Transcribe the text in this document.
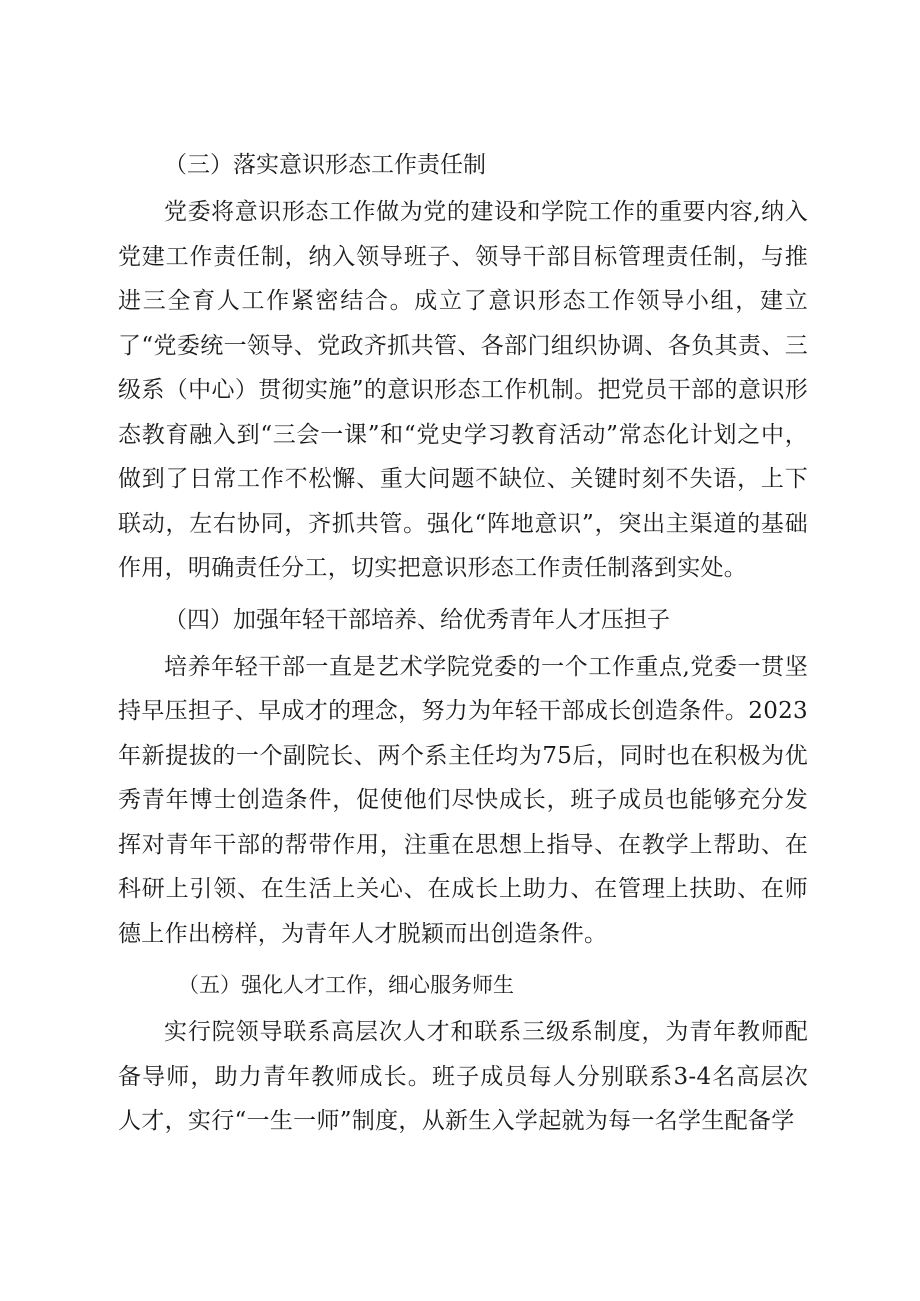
（三）落实意识形态工作责任制

党委将意识形态工作做为党的建设和学院工作的重要内容,纳入党建工作责任制，纳入领导班子、领导干部目标管理责任制，与推进三全育人工作紧密结合。成立了意识形态工作领导小组，建立了“党委统一领导、党政齐抓共管、各部门组织协调、各负其责、三级系（中心）贯彻实施”的意识形态工作机制。把党员干部的意识形态教育融入到“三会一课”和“党史学习教育活动”常态化计划之中，做到了日常工作不松懈、重大问题不缺位、关键时刻不失语，上下联动，左右协同，齐抓共管。强化“阵地意识”，突出主渠道的基础作用，明确责任分工，切实把意识形态工作责任制落到实处。

（四）加强年轻干部培养、给优秀青年人才压担子

培养年轻干部一直是艺术学院党委的一个工作重点,党委一贯坚持早压担子、早成才的理念，努力为年轻干部成长创造条件。2023年新提拔的一个副院长、两个系主任均为75后，同时也在积极为优秀青年博士创造条件，促使他们尽快成长，班子成员也能够充分发挥对青年干部的帮带作用，注重在思想上指导、在教学上帮助、在科研上引领、在生活上关心、在成长上助力、在管理上扶助、在师德上作出榜样，为青年人才脱颖而出创造条件。

（五）强化人才工作，细心服务师生

实行院领导联系高层次人才和联系三级系制度，为青年教师配备导师，助力青年教师成长。班子成员每人分别联系3-4名高层次人才，实行“一生一师”制度，从新生入学起就为每一名学生配备学
